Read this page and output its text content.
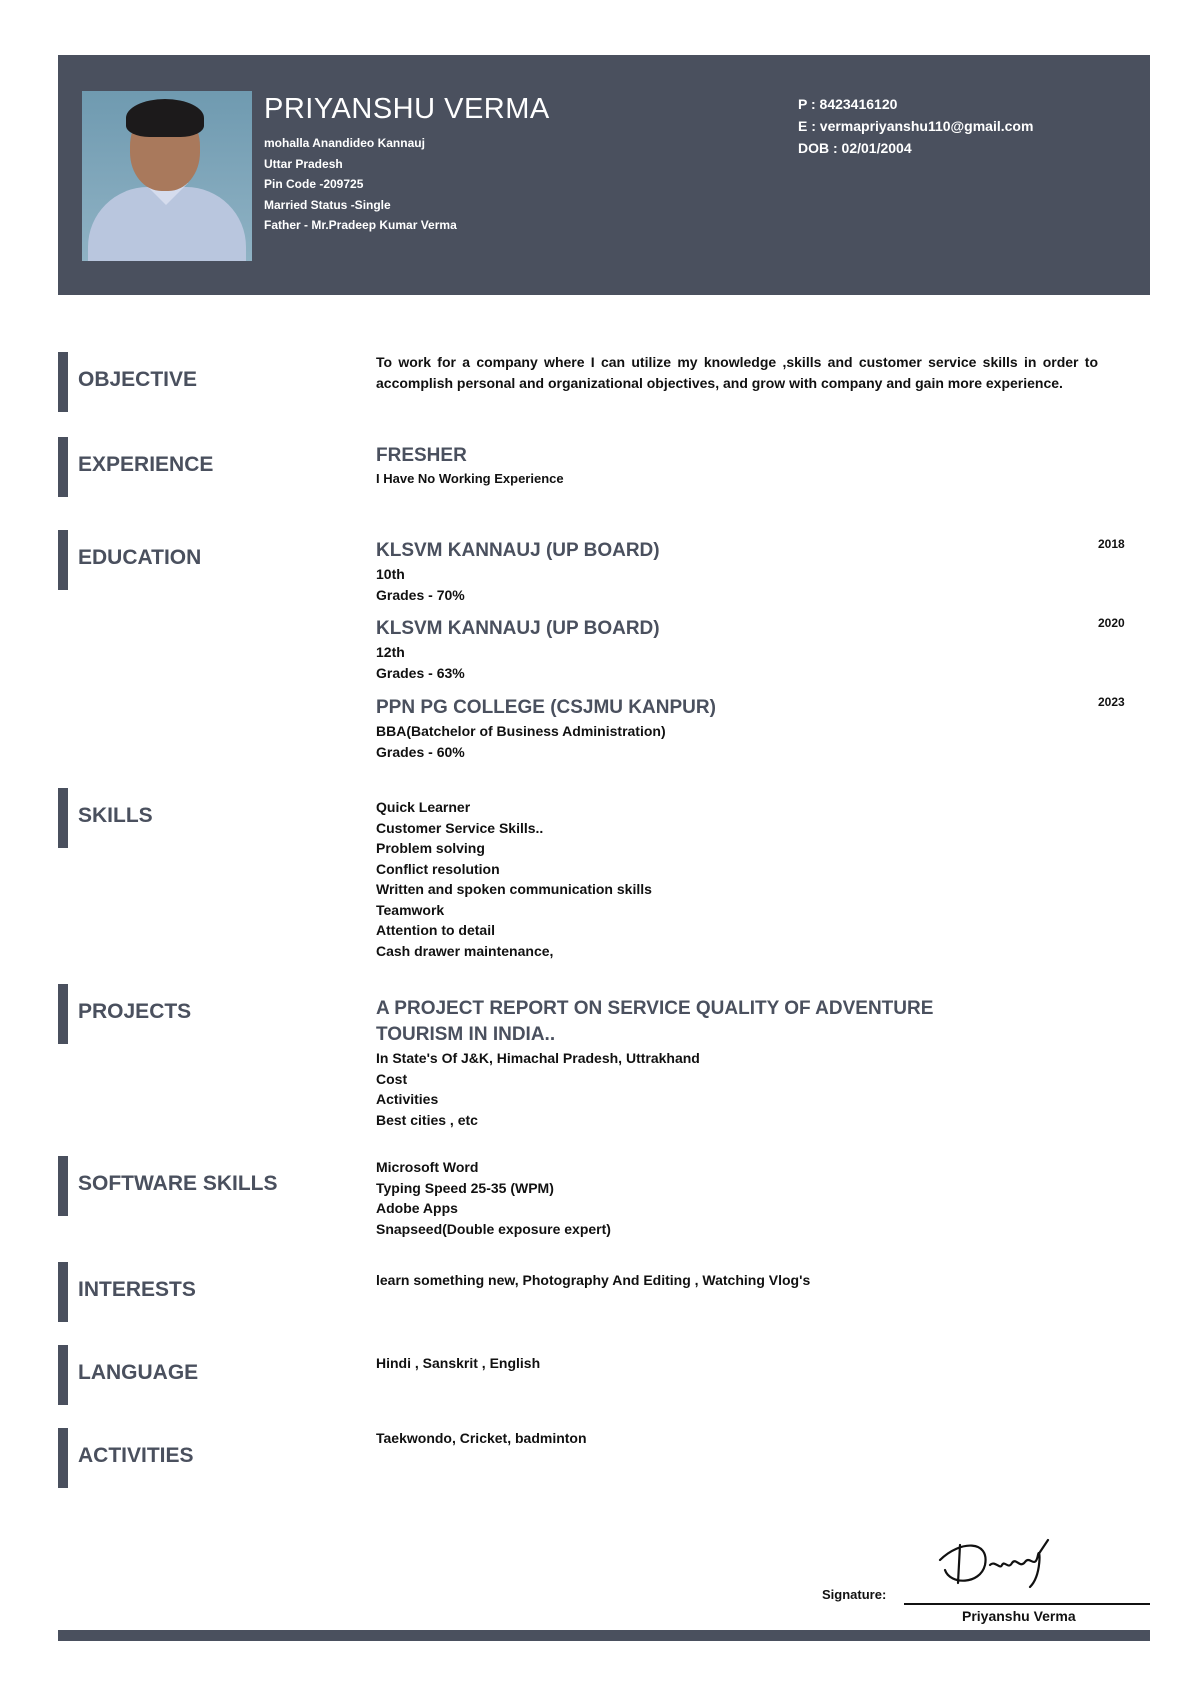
PRIYANSHU VERMA
mohalla Anandideo Kannauj
Uttar Pradesh
Pin Code -209725
Married Status -Single
Father - Mr.Pradeep Kumar Verma
P : 8423416120
E : vermapriyanshu110@gmail.com
DOB : 02/01/2004
OBJECTIVE
To work for a company where I can utilize my knowledge ,skills and customer service skills in order to accomplish personal and organizational objectives, and grow with company and gain more experience.
EXPERIENCE	FRESHER
I Have No Working Experience
EDUCATION	KLSVM KANNAUJ (UP BOARD)
10th
Grades - 70%
2018
KLSVM KANNAUJ (UP BOARD)
12th
Grades - 63%
2020
PPN PG COLLEGE (CSJMU KANPUR)
BBA(Batchelor of Business Administration)
Grades - 60%
2023
SKILLS	Quick Learner
Customer Service Skills..
Problem solving
Conflict resolution
Written and spoken communication skills
Teamwork
Attention to detail
Cash drawer maintenance,
PROJECTS	A PROJECT REPORT ON SERVICE QUALITY OF ADVENTURE
TOURISM IN INDIA..
In State's Of J&K, Himachal Pradesh, Uttrakhand
Cost
Activities
Best cities , etc
SOFTWARE SKILLS
Microsoft Word
Typing Speed 25-35 (WPM)
Adobe Apps
Snapseed(Double exposure expert)
INTERESTS	learn something new, Photography And Editing , Watching Vlog's
LANGUAGE	Hindi , Sanskrit , English
ACTIVITIES
Taekwondo, Cricket, badminton
Signature:
Priyanshu Verma
